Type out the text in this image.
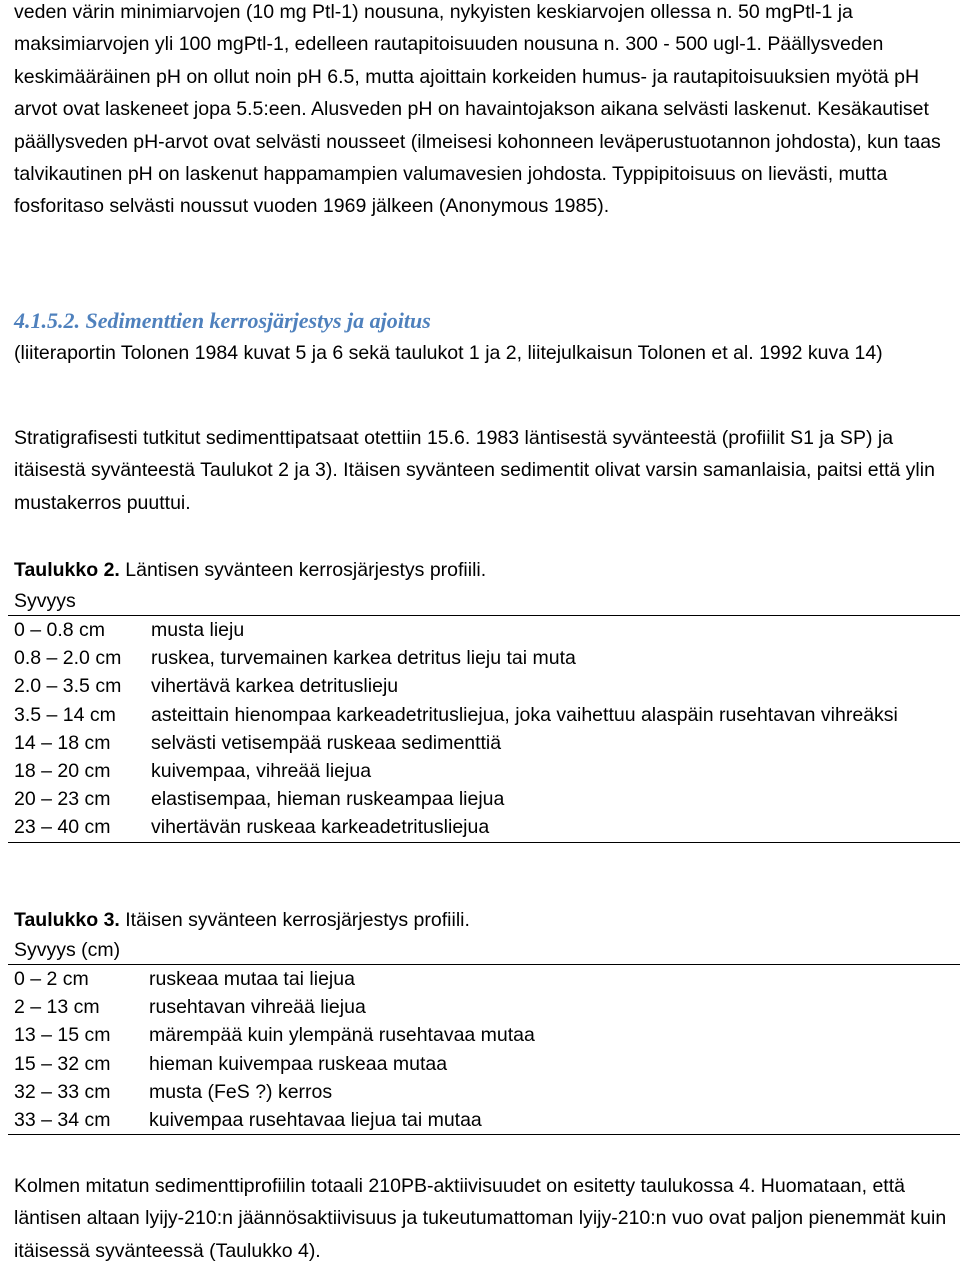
veden värin minimiarvojen (10 mg Ptl-1) nousuna, nykyisten keskiarvojen ollessa n. 50 mgPtl-1 ja maksimiarvojen yli 100 mgPtl-1, edelleen rautapitoisuuden nousuna n. 300 - 500 ugl-1. Päällysveden keskimääräinen pH on ollut noin pH 6.5, mutta ajoittain korkeiden humus- ja rautapitoisuuksien myötä pH arvot ovat laskeneet jopa 5.5:een. Alusveden pH on havaintojakson aikana selvästi laskenut. Kesäkautiset päällysveden pH-arvot ovat selvästi nousseet (ilmeisesi kohonneen leväperustuotannon johdosta), kun taas talvikautinen pH on laskenut happamampien valumavesien johdosta. Typpipitoisuus on lievästi, mutta fosforitaso selvästi noussut vuoden 1969 jälkeen (Anonymous 1985).

4.1.5.2. Sedimenttien kerrosjärjestys ja ajoitus

(liiteraportin Tolonen 1984 kuvat 5 ja 6 sekä taulukot 1 ja 2, liitejulkaisun Tolonen et al. 1992 kuva 14)

Stratigrafisesti tutkitut sedimenttipatsaat otettiin 15.6. 1983 läntisestä syvänteestä (profiilit S1 ja SP) ja itäisestä syvänteestä Taulukot 2 ja 3). Itäisen syvänteen sedimentit olivat varsin samanlaisia, paitsi että ylin mustakerros puuttui.

Taulukko 2. Läntisen syvänteen kerrosjärjestys profiili.

Syvyys
0 – 0.8 cm	musta lieju
0.8 – 2.0 cm	ruskea, turvemainen karkea detritus lieju tai muta
2.0 – 3.5 cm	vihertävä karkea detrituslieju
3.5 – 14 cm	asteittain hienompaa karkeadetritusliejua, joka vaihettuu alaspäin rusehtavan vihreäksi
14 – 18 cm	selvästi vetisempää ruskeaa sedimenttiä
18 – 20 cm	kuivempaa, vihreää liejua
20 – 23 cm	elastisempaa, hieman ruskeampaa liejua
23 – 40 cm	vihertävän ruskeaa karkeadetritusliejua

Taulukko 3. Itäisen syvänteen kerrosjärjestys profiili.

Syvyys (cm)
0 – 2 cm	ruskeaa mutaa tai liejua
2 – 13 cm	rusehtavan vihreää liejua
13 – 15 cm	märempää kuin ylempänä rusehtavaa mutaa
15 – 32 cm	hieman kuivempaa ruskeaa mutaa
32 – 33 cm	musta (FeS ?) kerros
33 – 34 cm	kuivempaa rusehtavaa liejua tai mutaa

Kolmen mitatun sedimenttiprofiilin totaali 210PB-aktiivisuudet on esitetty taulukossa 4. Huomataan, että läntisen altaan lyijy-210:n jäännösaktiivisuus ja tukeutumattoman lyijy-210:n vuo ovat paljon pienemmät kuin itäisessä syvänteessä (Taulukko 4).
